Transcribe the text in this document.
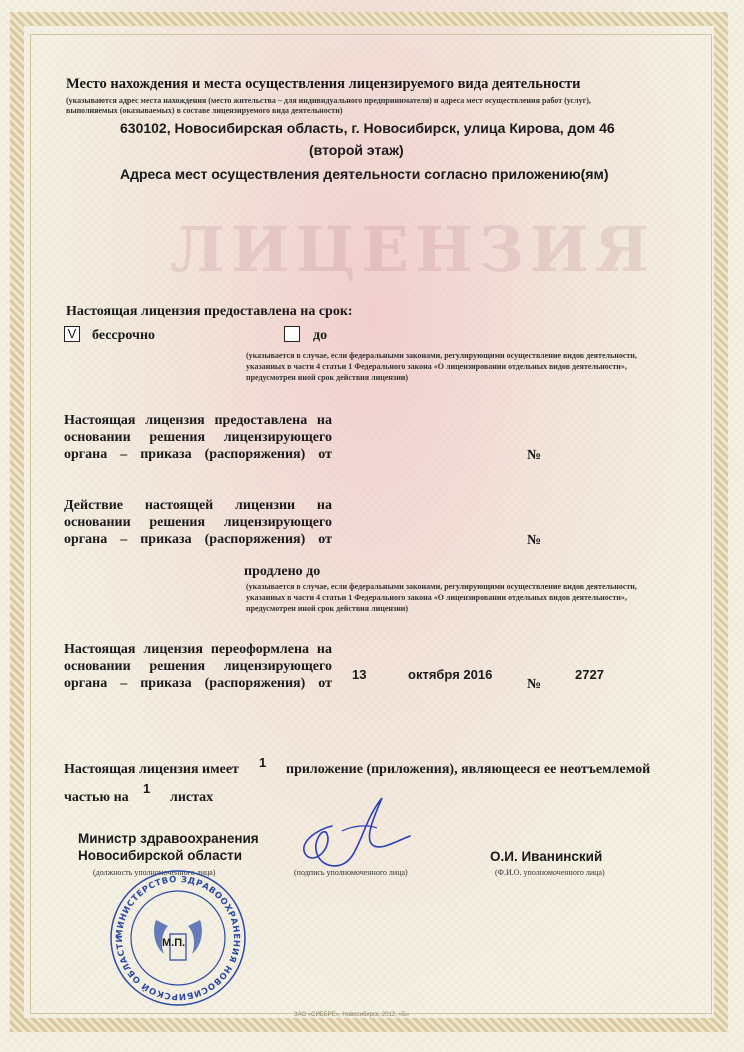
ЛИЦЕНЗИЯ
Место нахождения и места осуществления лицензируемого вида деятельности
(указываются адрес места нахождения (место жительства – для индивидуального предпринимателя) и адреса мест осуществления работ (услуг),
выполняемых (оказываемых) в составе лицензируемого вида деятельности)
630102, Новосибирская область, г. Новосибирск, улица Кирова, дом 46
(второй этаж)
Адреса мест осуществления деятельности согласно приложению(ям)
Настоящая лицензия предоставлена на срок:
V бессрочно	до
(указывается в случае, если федеральными законами, регулирующими осуществление видов деятельности,
указанных в части 4 статьи 1 Федерального закона «О лицензировании отдельных видов деятельности»,
предусмотрен иной срок действия лицензии)
Настоящая лицензия предоставлена на
основании решения лицензирующего
органа – приказа (распоряжения) от	№
Действие настоящей лицензии на
основании решения лицензирующего
органа – приказа (распоряжения) от	№
продлено до
(указывается в случае, если федеральными законами, регулирующими осуществление видов деятельности,
указанных в части 4 статьи 1 Федерального закона «О лицензировании отдельных видов деятельности»,
предусмотрен иной срок действия лицензии)
Настоящая лицензия переоформлена на
основании решения лицензирующего
органа – приказа (распоряжения) от
13	октября 2016
№
2727
Настоящая лицензия имеет 1 приложение (приложения), являющееся ее неотъемлемой
частью на
1
листах
Министр здравоохранения
Новосибирской области
(должность уполномоченного лица)	(подпись уполномоченного лица)
О.И. Иванинский
(Ф.И.О. уполномоченного лица)
МИНИСТЕРСТВО ЗДРАВООХРАНЕНИЯ НОВОСИБИРСКОЙ ОБЛАСТИ	М.П.
ЗАО «СИББРЕ», Новосибирск, 2012, «Б»
